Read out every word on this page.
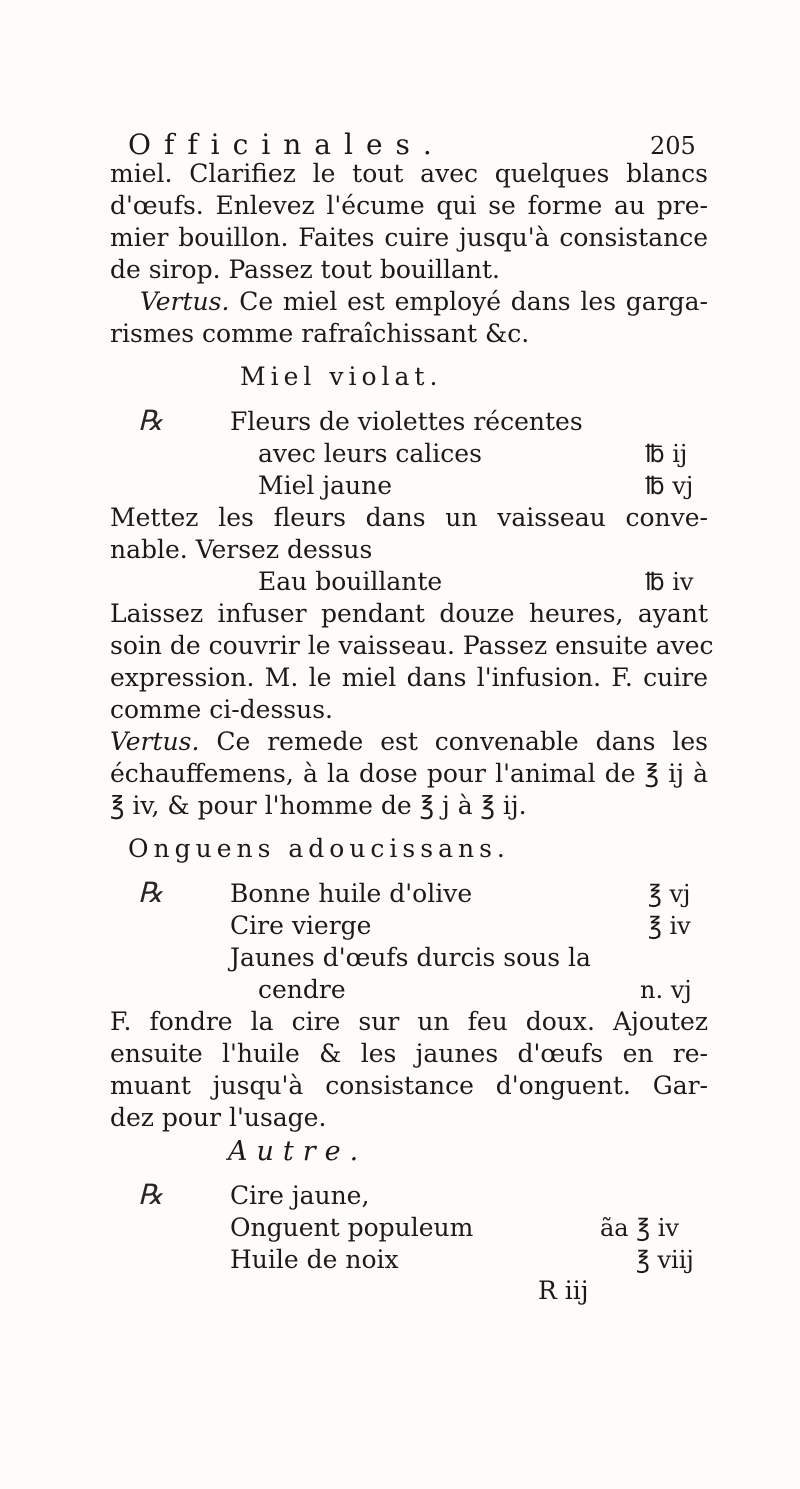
Officinales.	205
miel. Clarifiez le tout avec quelques blancs
d'œufs. Enlevez l'écume qui se forme au pre-
mier bouillon. Faites cuire jusqu'à consistance
de sirop. Passez tout bouillant.
Vertus. Ce miel est employé dans les garga-
rismes comme rafraîchissant &c.
Miel violat.
℞	Fleurs de violettes récentes
avec leurs calices	℔ ij
Miel jaune	℔ vj
Mettez les fleurs dans un vaisseau conve-
nable. Versez dessus
Eau bouillante	℔ iv
Laissez infuser pendant douze heures, ayant
soin de couvrir le vaisseau. Passez ensuite avec
expression. M. le miel dans l'infusion. F. cuire
comme ci-dessus.
Vertus. Ce remede est convenable dans les
échauffemens, à la dose pour l'animal de ℥ ij à
℥ iv, & pour l'homme de ℥ j à ℥ ij.
Onguens adoucissans.
℞	Bonne huile d'olive	℥ vj
Cire vierge	℥ iv
Jaunes d'œufs durcis sous la
cendre	n. vj
F. fondre la cire sur un feu doux. Ajoutez
ensuite l'huile & les jaunes d'œufs en re-
muant jusqu'à consistance d'onguent. Gar-
dez pour l'usage.
Autre.
℞	Cire jaune,
Onguent populeum	ãa ℥ iv
Huile de noix	℥ viij
R iij
